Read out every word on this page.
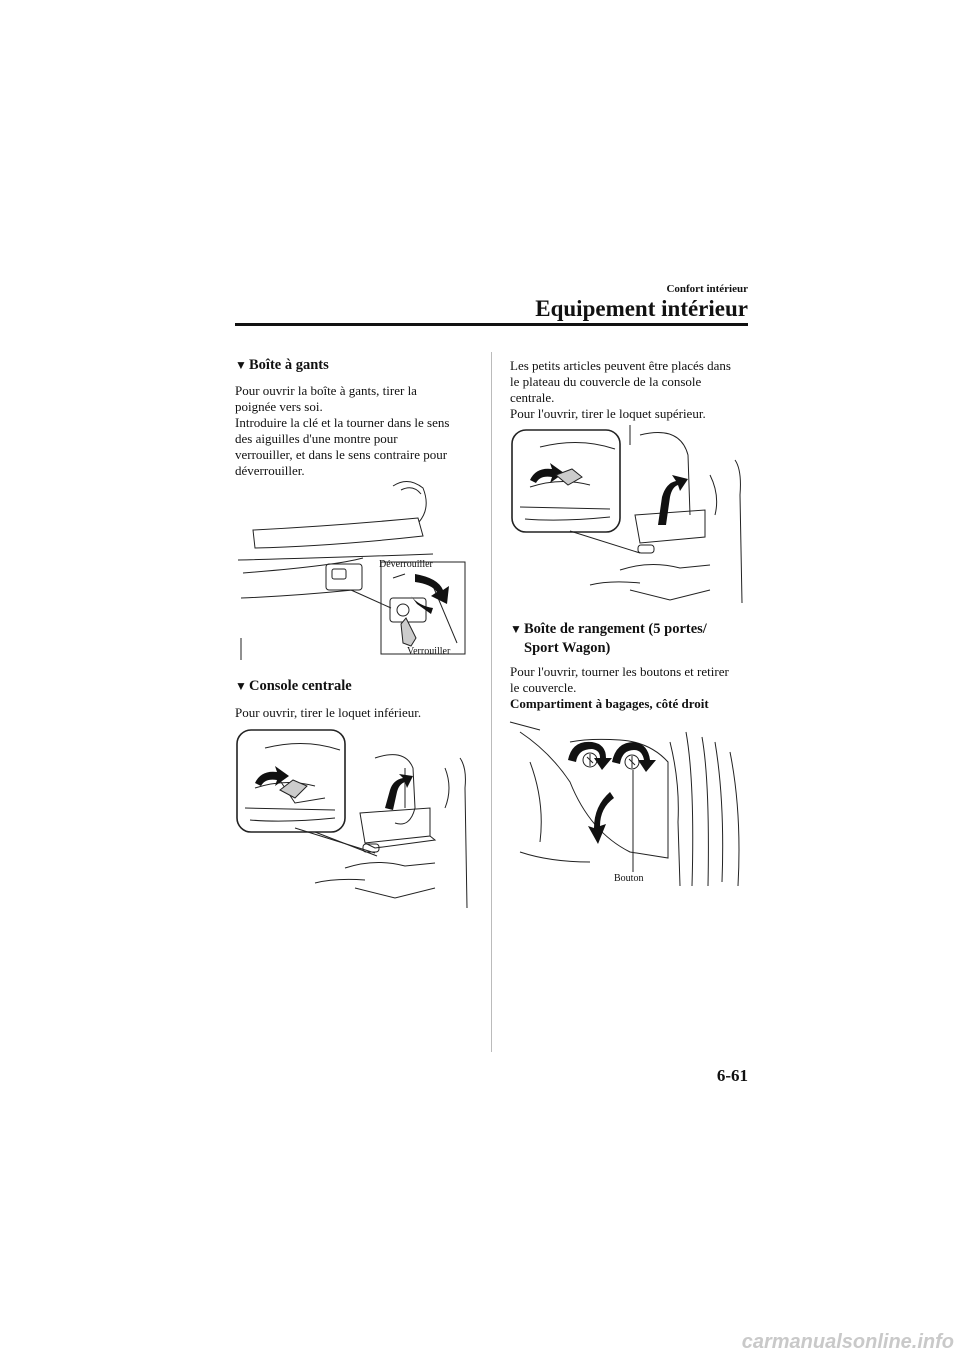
Confort intérieur
Equipement intérieur
▼ Boîte à gants
Pour ouvrir la boîte à gants, tirer la
poignée vers soi.
Introduire la clé et la tourner dans le sens
des aiguilles d'une montre pour
verrouiller, et dans le sens contraire pour
déverrouiller.
Déverrouiller
Verrouiller
▼ Console centrale
Pour ouvrir, tirer le loquet inférieur.
Les petits articles peuvent être placés dans
le plateau du couvercle de la console
centrale.
Pour l'ouvrir, tirer le loquet supérieur.
▼ Boîte de rangement (5 portes/
Sport Wagon)
Pour l'ouvrir, tourner les boutons et retirer
le couvercle.
Compartiment à bagages, côté droit
Bouton
6-61
carmanualsonline.info
